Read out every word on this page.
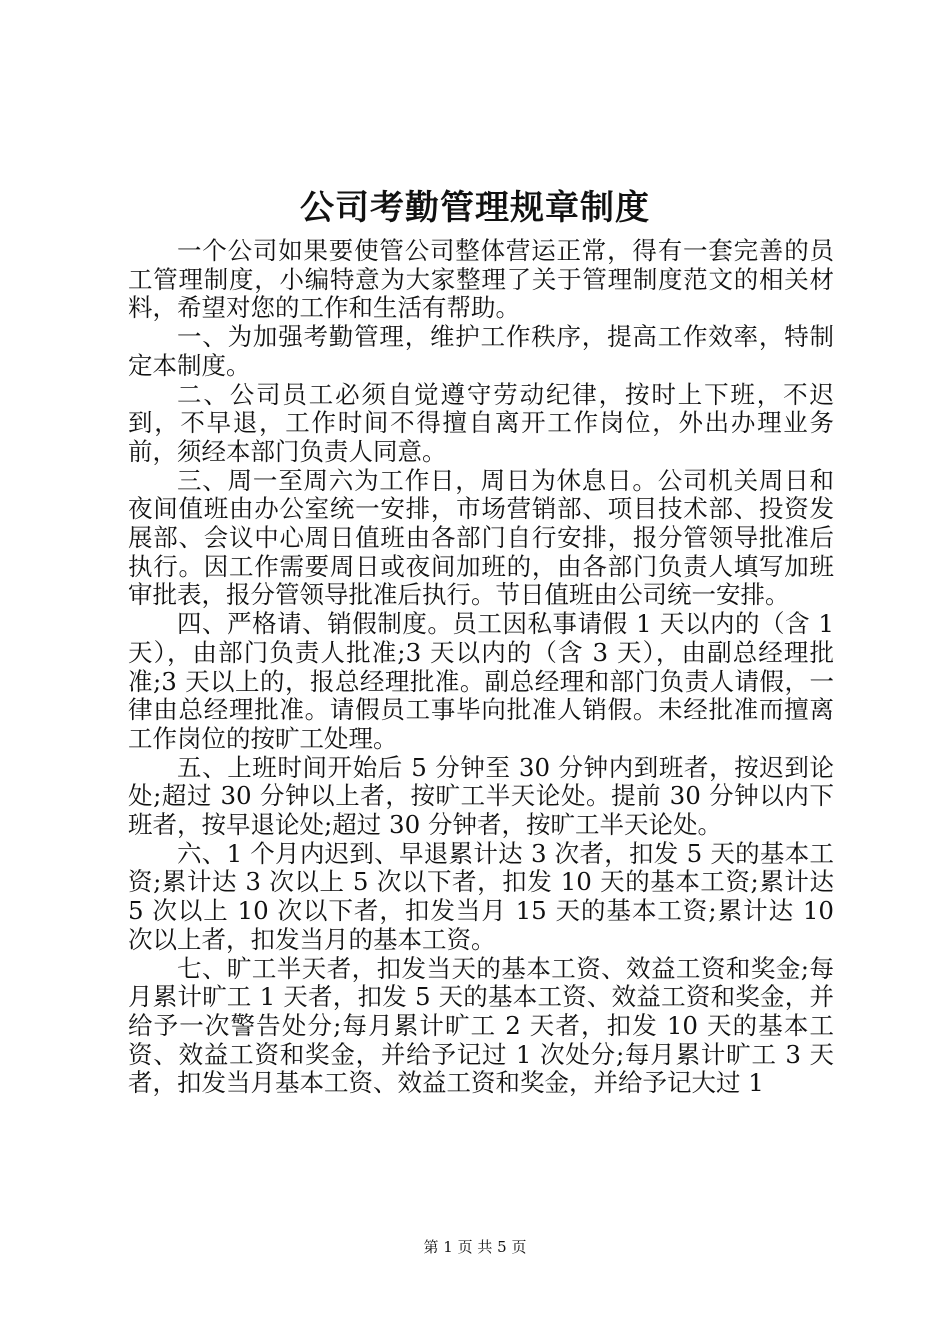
公司考勤管理规章制度

一个公司如果要使管公司整体营运正常，得有一套完善的员工管理制度，小编特意为大家整理了关于管理制度范文的相关材料，希望对您的工作和生活有帮助。

一、为加强考勤管理，维护工作秩序，提高工作效率，特制定本制度。

二、公司员工必须自觉遵守劳动纪律，按时上下班，不迟到，不早退，工作时间不得擅自离开工作岗位，外出办理业务前，须经本部门负责人同意。

三、周一至周六为工作日，周日为休息日。公司机关周日和夜间值班由办公室统一安排，市场营销部、项目技术部、投资发展部、会议中心周日值班由各部门自行安排，报分管领导批准后执行。因工作需要周日或夜间加班的，由各部门负责人填写加班审批表，报分管领导批准后执行。节日值班由公司统一安排。

四、严格请、销假制度。员工因私事请假 1 天以内的（含 1 天），由部门负责人批准;3 天以内的（含 3 天），由副总经理批准;3 天以上的，报总经理批准。副总经理和部门负责人请假，一律由总经理批准。请假员工事毕向批准人销假。未经批准而擅离工作岗位的按旷工处理。

五、上班时间开始后 5 分钟至 30 分钟内到班者，按迟到论处;超过 30 分钟以上者，按旷工半天论处。提前 30 分钟以内下班者，按早退论处;超过 30 分钟者，按旷工半天论处。

六、1 个月内迟到、早退累计达 3 次者，扣发 5 天的基本工资;累计达 3 次以上 5 次以下者，扣发 10 天的基本工资;累计达 5 次以上 10 次以下者，扣发当月 15 天的基本工资;累计达 10 次以上者，扣发当月的基本工资。

七、旷工半天者，扣发当天的基本工资、效益工资和奖金;每月累计旷工 1 天者，扣发 5 天的基本工资、效益工资和奖金，并给予一次警告处分;每月累计旷工 2 天者，扣发 10 天的基本工资、效益工资和奖金，并给予记过 1 次处分;每月累计旷工 3 天者，扣发当月基本工资、效益工资和奖金，并给予记大过 1

第 1 页 共 5 页
